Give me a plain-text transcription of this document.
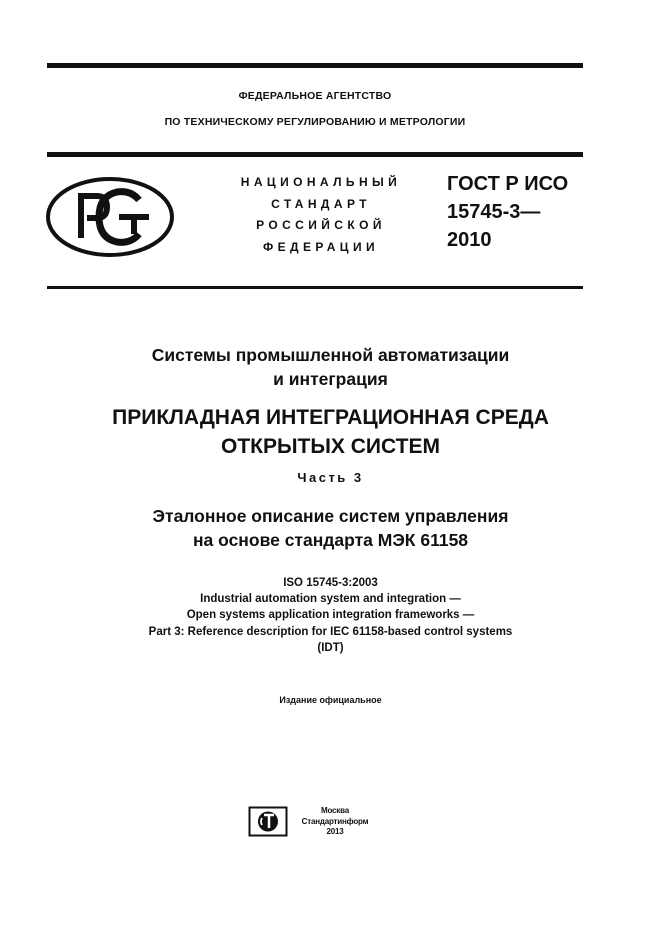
ФЕДЕРАЛЬНОЕ АГЕНТСТВО
ПО ТЕХНИЧЕСКОМУ РЕГУЛИРОВАНИЮ И МЕТРОЛОГИИ
НАЦИОНАЛЬНЫЙ
СТАНДАРТ
РОССИЙСКОЙ
ФЕДЕРАЦИИ
ГОСТ Р ИСО
15745-3—
2010
Системы промышленной автоматизации
и интеграция
ПРИКЛАДНАЯ ИНТЕГРАЦИОННАЯ СРЕДА
ОТКРЫТЫХ СИСТЕМ
Часть 3
Эталонное описание систем управления
на основе стандарта МЭК 61158
ISO 15745-3:2003
Industrial automation system and integration —
Open systems application integration frameworks —
Part 3: Reference description for IEC 61158-based control systems
(IDT)
Издание официальное
Москва
Стандартинформ
2013
